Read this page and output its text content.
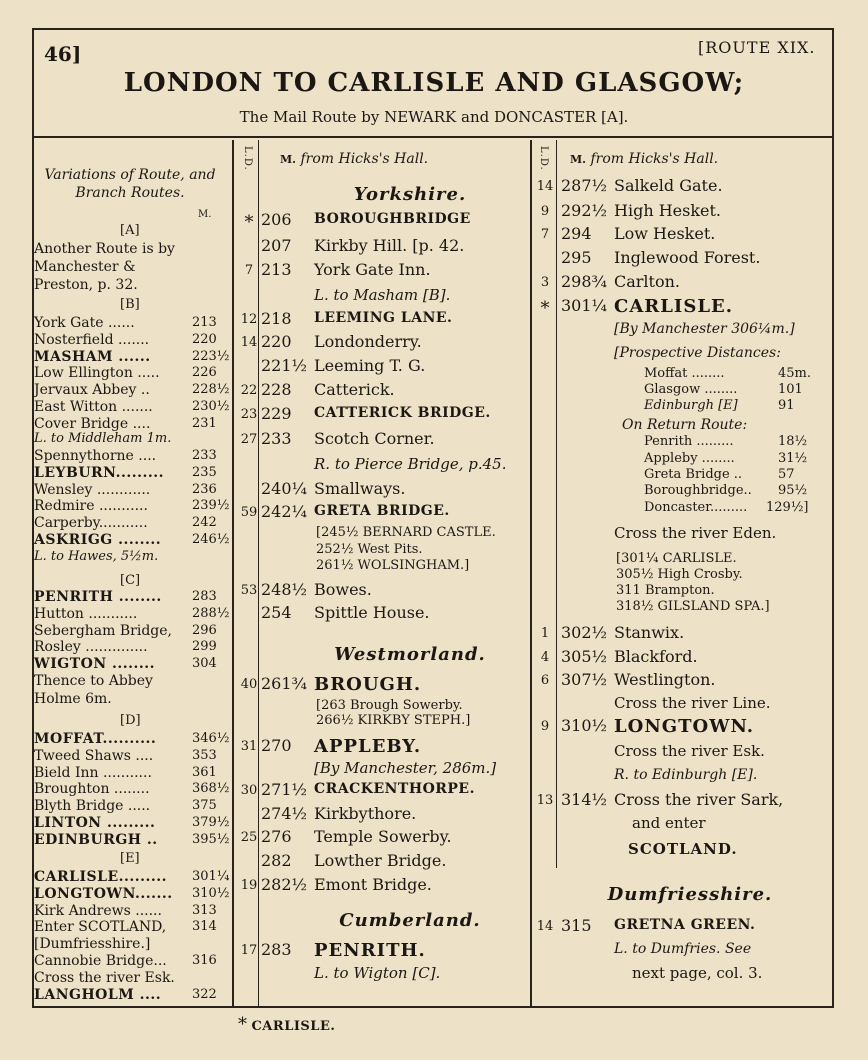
46]	[ROUTE XIX.
LONDON TO CARLISLE AND GLASGOW;
The Mail Route by NEWARK and DONCASTER [A].
Variations of Route, and Branch Routes.
M.
[A]
Another Route is by Manchester & Preston, p. 32.
[B]
York Gate ......	213
Nosterfield .......	220
MASHAM ......	223½
Low Ellington ..... 226
Jervaux Abbey ..	228½
East Witton .......	230½
Cover Bridge ....	231
L. to Middleham 1m.
Spennythorne ....	233
LEYBURN......... 235
Wensley ............	236
Redmire ...........	239½
Carperby...........	242
ASKRIGG ........ 246½
L. to Hawes, 5½m.
[C]
PENRITH ........ 283
Hutton ...........	288½
Sebergham Bridge, 296
Rosley ..............	299
WIGTON ........	304
Thence to Abbey Holme 6m.
[D]
MOFFAT..........	346½
Tweed Shaws ....	353
Bield Inn ...........	361
Broughton ........	368½
Blyth Bridge .....	375
LINTON .........	379½
EDINBURGH ..	395½
[E]
CARLISLE......... 301¼
LONGTOWN....... 310½
Kirk Andrews ...... 313
Enter SCOTLAND, 314
[Dumfriesshire.]
Cannobie Bridge... 316
Cross the river Esk.
LANGHOLM .... 322
L.D. M. from Hicks's Hall.
Yorkshire.
Westmorland.
Cumberland.
* 206 BOROUGHBRIDGE
207 Kirkby Hill. [p. 42.
7 213 York Gate Inn.
L. to Masham [B].
12 218 LEEMING LANE.
14 220 Londonderry.
221½ Leeming T. G.
22 228 Catterick.
23 229 CATTERICK BRIDGE.
27 233 Scotch Corner.
R. to Pierce Bridge, p.45.
240¼ Smallways.
59 242¼ GRETA BRIDGE.
[245½ BERNARD CASTLE.
252½ West Pits.
261½ WOLSINGHAM.]
53 248½ Bowes.
254 Spittle House.
40 261¾ BROUGH.
[263 Brough Sowerby.
266½ KIRKBY STEPH.]
31 270 APPLEBY.
[By Manchester, 286m.]
30 271½ CRACKENTHORPE.
274½ Kirkbythore.
25 276 Temple Sowerby.
282 Lowther Bridge.
19 282½ Emont Bridge.
17 283 PENRITH.
L. to Wigton [C].
L.D. M. from Hicks's Hall.
Dumfriesshire.
14 287½ Salkeld Gate.
9 292½ High Hesket.
7 294 Low Hesket.
295 Inglewood Forest.
3 298¾ Carlton.
* 301¼ CARLISLE.
[By Manchester 306¼m.]
[Prospective Distances:
Moffat ........	45m.
Glasgow ........	101
Edinburgh [E]	91
On Return Route:
Penrith .........	18½
Appleby ........	31½
Greta Bridge ..	57
Boroughbridge.. 95½
Doncaster......... 129½]
Cross the river Eden.
[301¼ CARLISLE.
305½ High Crosby.
311 Brampton.
318½ GILSLAND SPA.]
1 302½ Stanwix.
4 305½ Blackford.
6 307½ Westlington.
Cross the river Line.
9 310½ LONGTOWN.
Cross the river Esk.
R. to Edinburgh [E].
13 314½ Cross the river Sark,
and enter
SCOTLAND.
14 315 GRETNA GREEN.
L. to Dumfries. See
next page, col. 3.
* CARLISLE.
